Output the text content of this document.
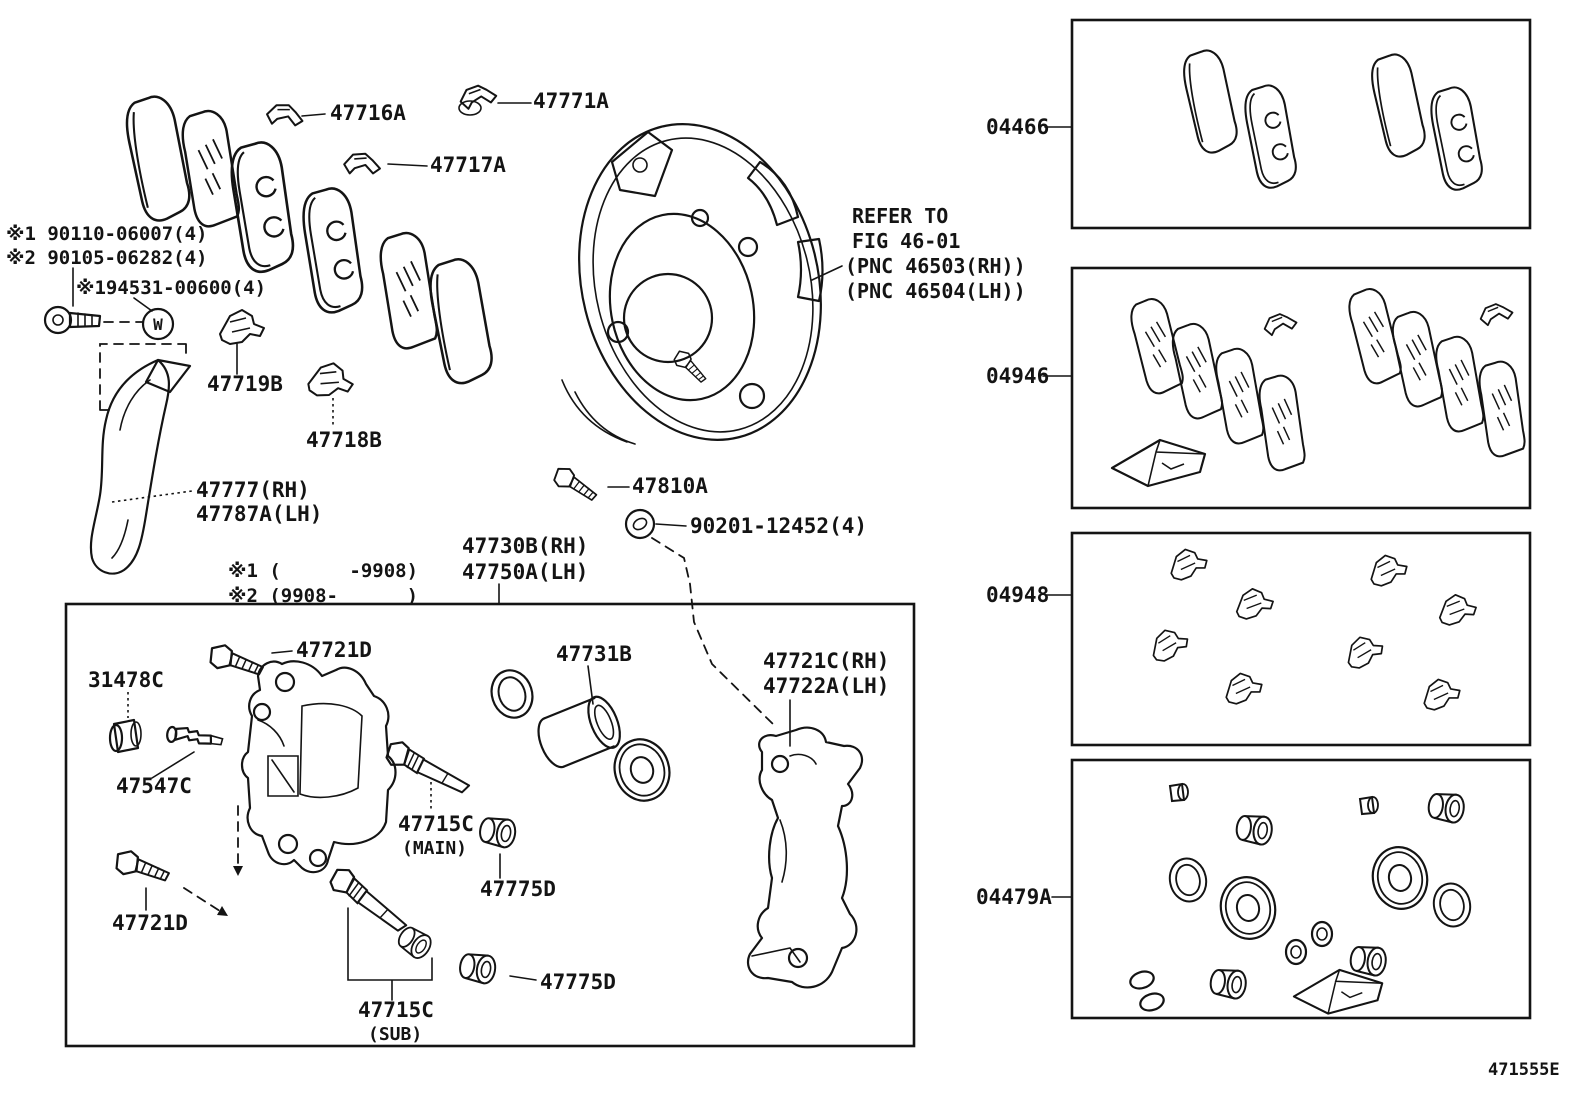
47716A	47771A
47717A
※1 90110-06007(4)
※2 90105-06282(4)
※194531-00600(4)
W
47719B
47718B
47777(RH)
47787A(LH)
REFER TO
FIG 46-01
(PNC 46503(RH))
(PNC 46504(LH))
47810A
90201-12452(4)
47730B(RH)
47750A(LH)
※1 (      -9908)
※2 (9908-      )
47721D
31478C
47547C
47731B
47715C
(MAIN)
47775D
47721C(RH)
47722A(LH)
47721D
47715C
(SUB)
47775D
04466
04946
04948
04479A
471555E
